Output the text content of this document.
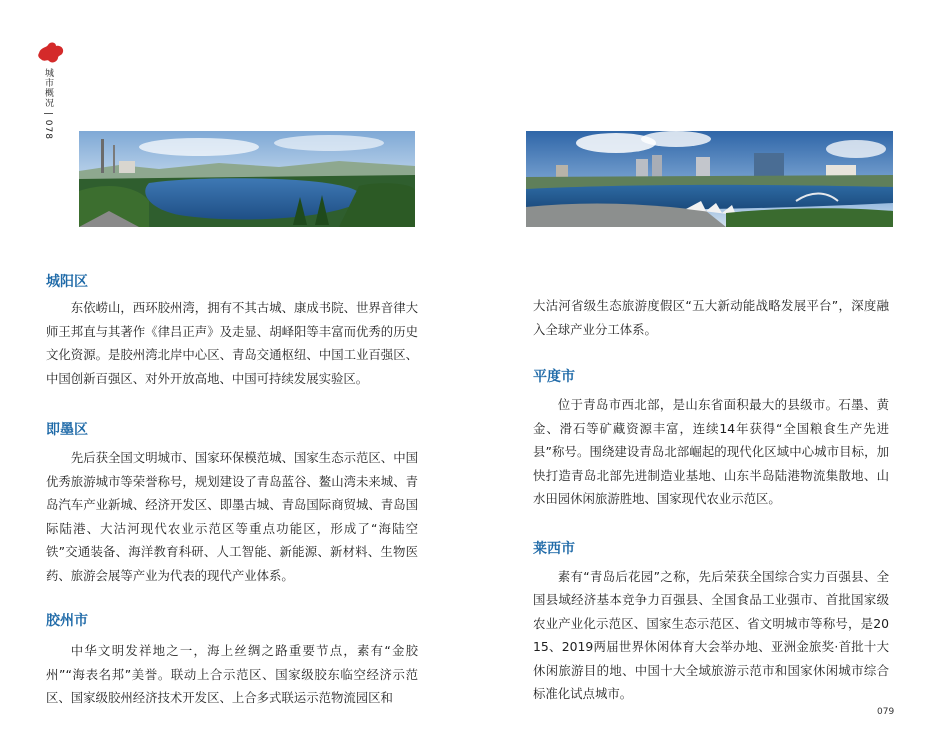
城市概况 | 078
城阳区

东依崂山，西环胶州湾，拥有不其古城、康成书院、世界音律大师王邦直与其著作《律吕正声》及走显、胡峄阳等丰富而优秀的历史文化资源。是胶州湾北岸中心区、青岛交通枢纽、中国工业百强区、中国创新百强区、对外开放高地、中国可持续发展实验区。

即墨区

先后获全国文明城市、国家环保模范城、国家生态示范区、中国优秀旅游城市等荣誉称号，规划建设了青岛蓝谷、鳌山湾未来城、青岛汽车产业新城、经济开发区、即墨古城、青岛国际商贸城、青岛国际陆港、大沽河现代农业示范区等重点功能区，形成了“海陆空铁”交通装备、海洋教育科研、人工智能、新能源、新材料、生物医药、旅游会展等产业为代表的现代产业体系。

胶州市

中华文明发祥地之一，海上丝绸之路重要节点，素有“金胶州”“海表名邦”美誉。联动上合示范区、国家级胶东临空经济示范区、国家级胶州经济技术开发区、上合多式联运示范物流园区和

大沽河省级生态旅游度假区“五大新动能战略发展平台”，深度融入全球产业分工体系。

平度市

位于青岛市西北部，是山东省面积最大的县级市。石墨、黄金、滑石等矿藏资源丰富，连续14年获得“全国粮食生产先进县”称号。围绕建设青岛北部崛起的现代化区域中心城市目标，加快打造青岛北部先进制造业基地、山东半岛陆港物流集散地、山水田园休闲旅游胜地、国家现代农业示范区。

莱西市

素有“青岛后花园”之称，先后荣获全国综合实力百强县、全国县域经济基本竞争力百强县、全国食品工业强市、首批国家级农业产业化示范区、国家生态示范区、省文明城市等称号，是2015、2019两届世界休闲体育大会举办地、亚洲金旅奖·首批十大休闲旅游目的地、中国十大全域旅游示范市和国家休闲城市综合标准化试点城市。

079
